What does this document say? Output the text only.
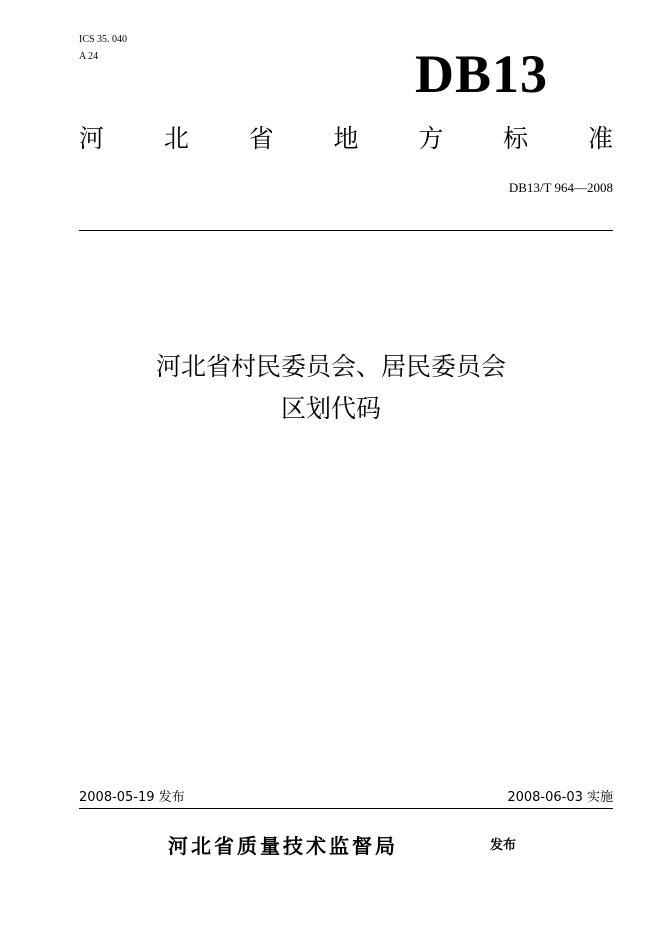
ICS 35. 040
A 24	DB13
河 北 省 地 方 标 准
DB13/T 964—2008
河北省村民委员会、居民委员会
区划代码
2008-05-19 发布	2008-06-03 实施
河北省质量技术监督局	发布
